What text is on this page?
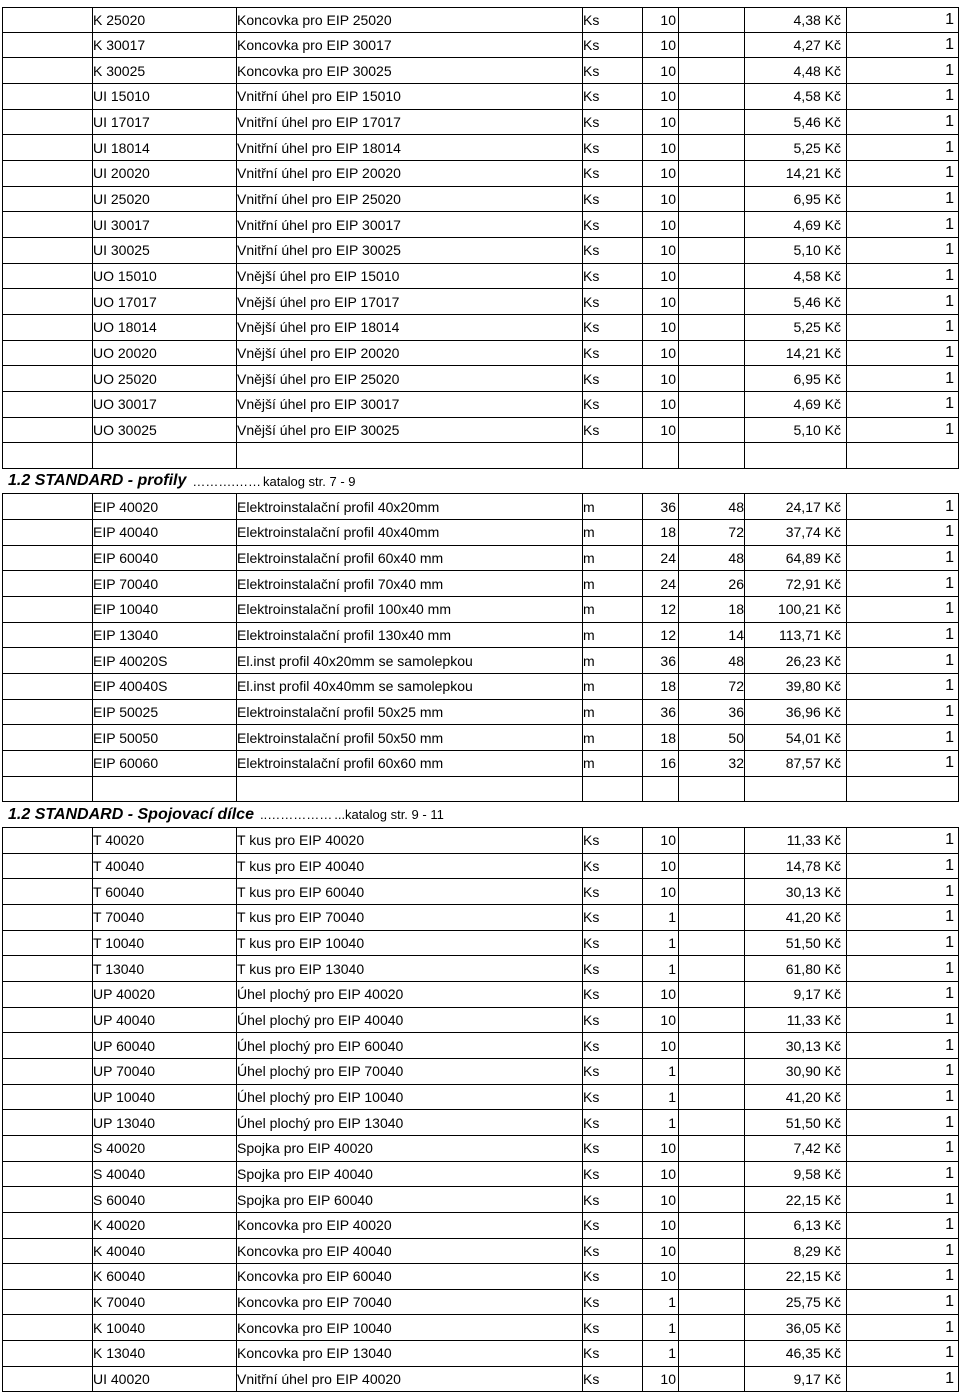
K 25020	Koncovka pro EIP 25020	Ks	10	4,38 Kč	1
K 30017	Koncovka pro EIP 30017	Ks	10	4,27 Kč	1
K 30025	Koncovka pro EIP 30025	Ks	10	4,48 Kč	1
UI 15010	Vnitřní úhel pro EIP 15010	Ks	10	4,58 Kč	1
UI 17017	Vnitřní úhel pro EIP 17017	Ks	10	5,46 Kč	1
UI 18014	Vnitřní úhel pro EIP 18014	Ks	10	5,25 Kč	1
UI 20020	Vnitřní úhel pro EIP 20020	Ks	10	14,21 Kč	1
UI 25020	Vnitřní úhel pro EIP 25020	Ks	10	6,95 Kč	1
UI 30017	Vnitřní úhel pro EIP 30017	Ks	10	4,69 Kč	1
UI 30025	Vnitřní úhel pro EIP 30025	Ks	10	5,10 Kč	1
UO 15010	Vnější úhel pro EIP 15010	Ks	10	4,58 Kč	1
UO 17017	Vnější úhel pro EIP 17017	Ks	10	5,46 Kč	1
UO 18014	Vnější úhel pro EIP 18014	Ks	10	5,25 Kč	1
UO 20020	Vnější úhel pro EIP 20020	Ks	10	14,21 Kč	1
UO 25020	Vnější úhel pro EIP 25020	Ks	10	6,95 Kč	1
UO 30017	Vnější úhel pro EIP 30017	Ks	10	4,69 Kč	1
UO 30025	Vnější úhel pro EIP 30025	Ks	10	5,10 Kč	1
1.2 STANDARD - profily ……….…… katalog str. 7 - 9
EIP 40020	Elektroinstalační profil 40x20mm	m	36	48	24,17 Kč	1
EIP 40040	Elektroinstalační profil 40x40mm	m	18	72	37,74 Kč	1
EIP 60040	Elektroinstalační profil 60x40 mm	m	24	48	64,89 Kč	1
EIP 70040	Elektroinstalační profil 70x40 mm	m	24	26	72,91 Kč	1
EIP 10040	Elektroinstalační profil 100x40 mm	m	12	18	100,21 Kč	1
EIP 13040	Elektroinstalační profil 130x40 mm	m	12	14	113,71 Kč	1
EIP 40020S	El.inst profil 40x20mm se samolepkou	m	36	48	26,23 Kč	1
EIP 40040S	El.inst profil 40x40mm se samolepkou	m	18	72	39,80 Kč	1
EIP 50025	Elektroinstalační profil 50x25 mm	m	36	36	36,96 Kč	1
EIP 50050	Elektroinstalační profil 50x50 mm	m	18	50	54,01 Kč	1
EIP 60060	Elektroinstalační profil 60x60 mm	m	16	32	87,57 Kč	1
1.2 STANDARD - Spojovací dílce ..…………… ...katalog str. 9 - 11
T 40020	T kus pro EIP 40020	Ks	10	11,33 Kč	1
T 40040	T kus pro EIP 40040	Ks	10	14,78 Kč	1
T 60040	T kus pro EIP 60040	Ks	10	30,13 Kč	1
T 70040	T kus pro EIP 70040	Ks	1	41,20 Kč	1
T 10040	T kus pro EIP 10040	Ks	1	51,50 Kč	1
T 13040	T kus pro EIP 13040	Ks	1	61,80 Kč	1
UP 40020	Úhel plochý pro EIP 40020	Ks	10	9,17 Kč	1
UP 40040	Úhel plochý pro EIP 40040	Ks	10	11,33 Kč	1
UP 60040	Úhel plochý pro EIP 60040	Ks	10	30,13 Kč	1
UP 70040	Úhel plochý pro EIP 70040	Ks	1	30,90 Kč	1
UP 10040	Úhel plochý pro EIP 10040	Ks	1	41,20 Kč	1
UP 13040	Úhel plochý pro EIP 13040	Ks	1	51,50 Kč	1
S 40020	Spojka pro EIP 40020	Ks	10	7,42 Kč	1
S 40040	Spojka pro EIP 40040	Ks	10	9,58 Kč	1
S 60040	Spojka pro EIP 60040	Ks	10	22,15 Kč	1
K 40020	Koncovka pro EIP 40020	Ks	10	6,13 Kč	1
K 40040	Koncovka pro EIP 40040	Ks	10	8,29 Kč	1
K 60040	Koncovka pro EIP 60040	Ks	10	22,15 Kč	1
K 70040	Koncovka pro EIP 70040	Ks	1	25,75 Kč	1
K 10040	Koncovka pro EIP 10040	Ks	1	36,05 Kč	1
K 13040	Koncovka pro EIP 13040	Ks	1	46,35 Kč	1
UI 40020	Vnitřní úhel pro EIP 40020	Ks	10	9,17 Kč	1
